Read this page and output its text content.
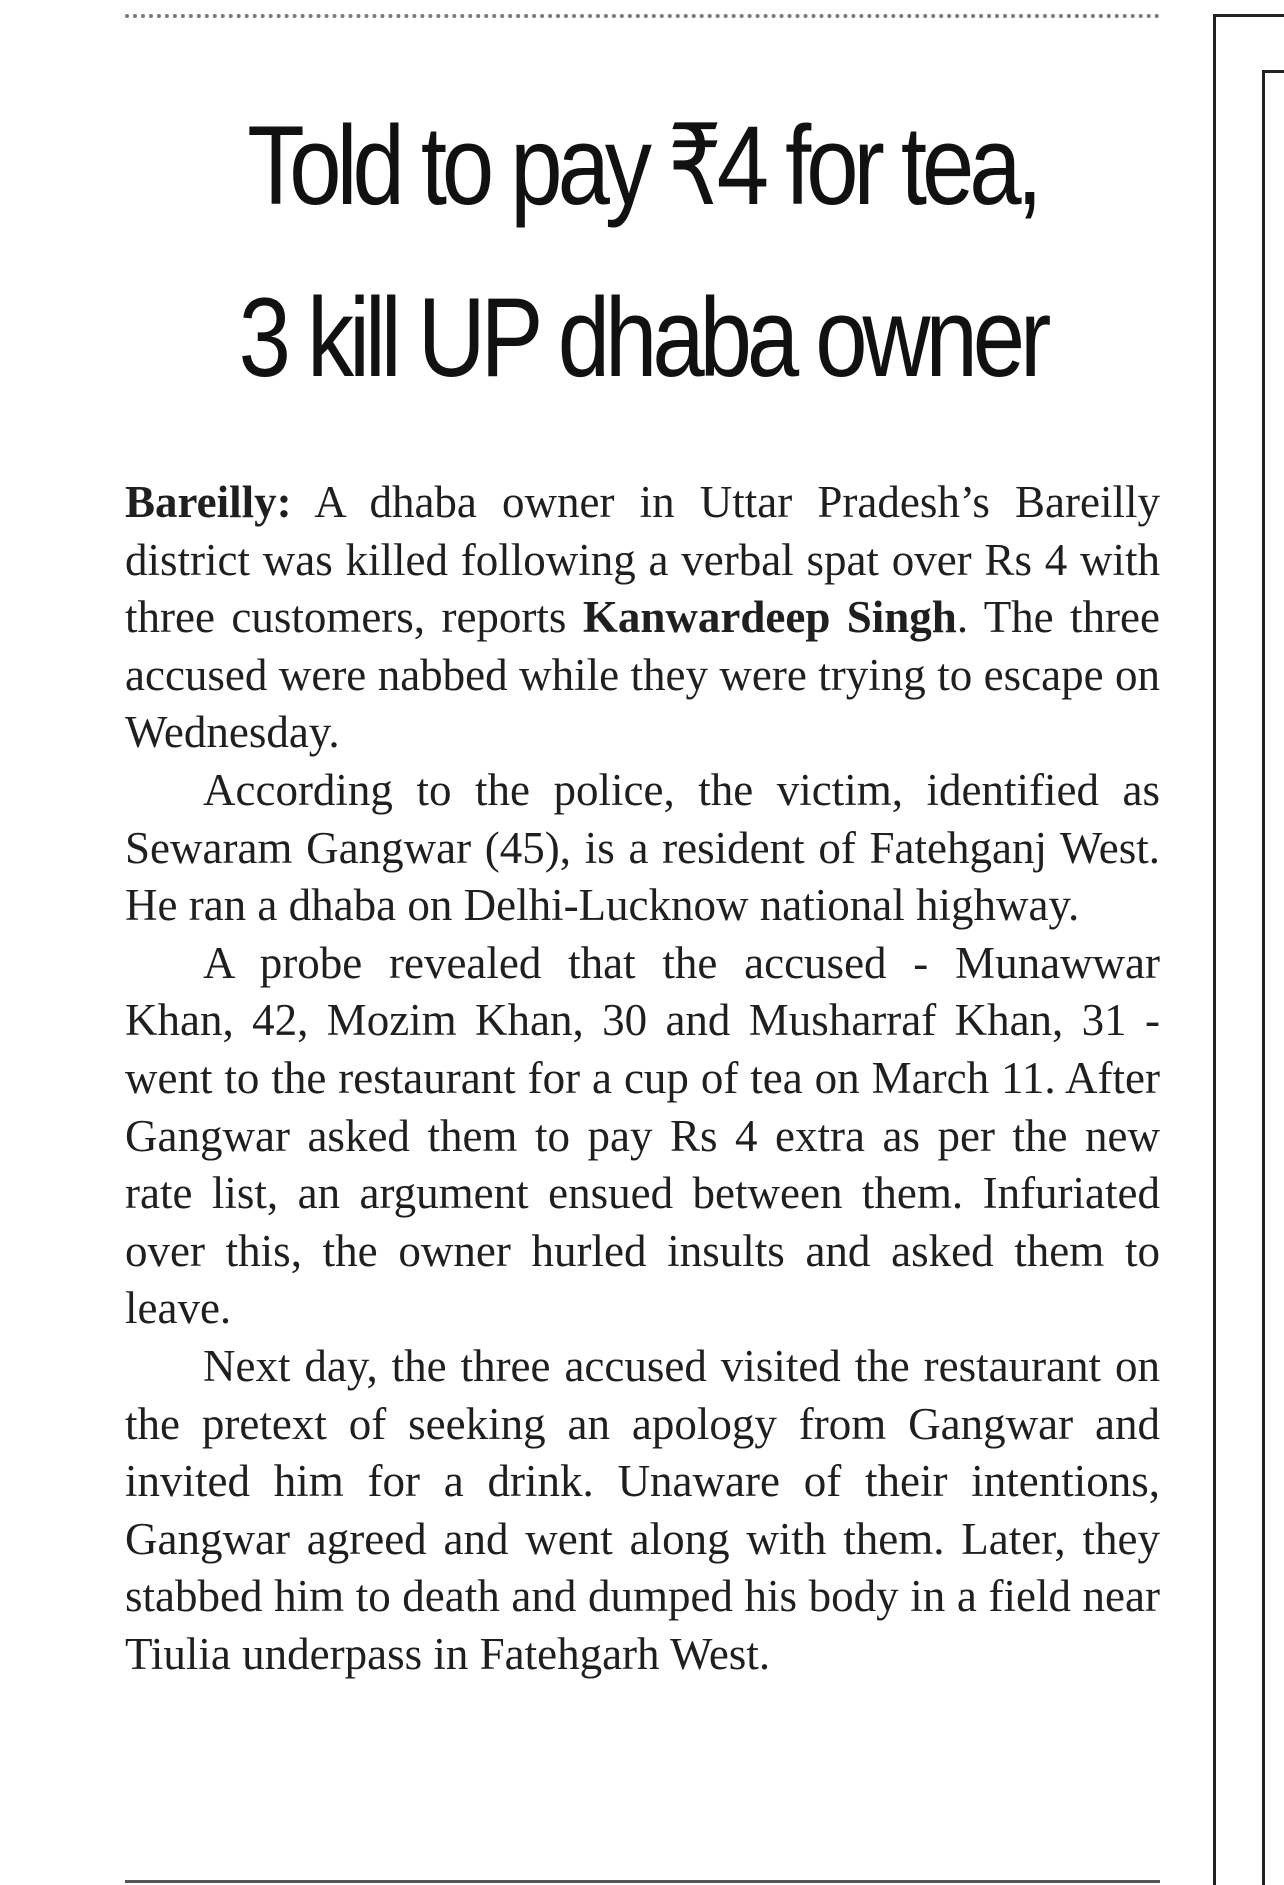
Told to pay ₹4 for tea,
3 kill UP dhaba owner

Bareilly: A dhaba owner in Uttar Pradesh’s Bareilly district was killed following a verbal spat over Rs 4 with three customers, reports Kanwardeep Singh. The three accused were nabbed while they were trying to escape on Wednesday.

According to the police, the victim, identified as Sewaram Gangwar (45), is a resident of Fatehganj West. He ran a dhaba on Delhi-Lucknow national highway.

A probe revealed that the accused - Munawwar Khan, 42, Mozim Khan, 30 and Musharraf Khan, 31 - went to the restaurant for a cup of tea on March 11. After Gangwar asked them to pay Rs 4 extra as per the new rate list, an argument ensued between them. Infuriated over this, the owner hurled insults and asked them to leave.

Next day, the three accused visited the restaurant on the pretext of seeking an apology from Gangwar and invited him for a drink. Unaware of their intentions, Gangwar agreed and went along with them. Later, they stabbed him to death and dumped his body in a field near Tiulia underpass in Fatehgarh West.
